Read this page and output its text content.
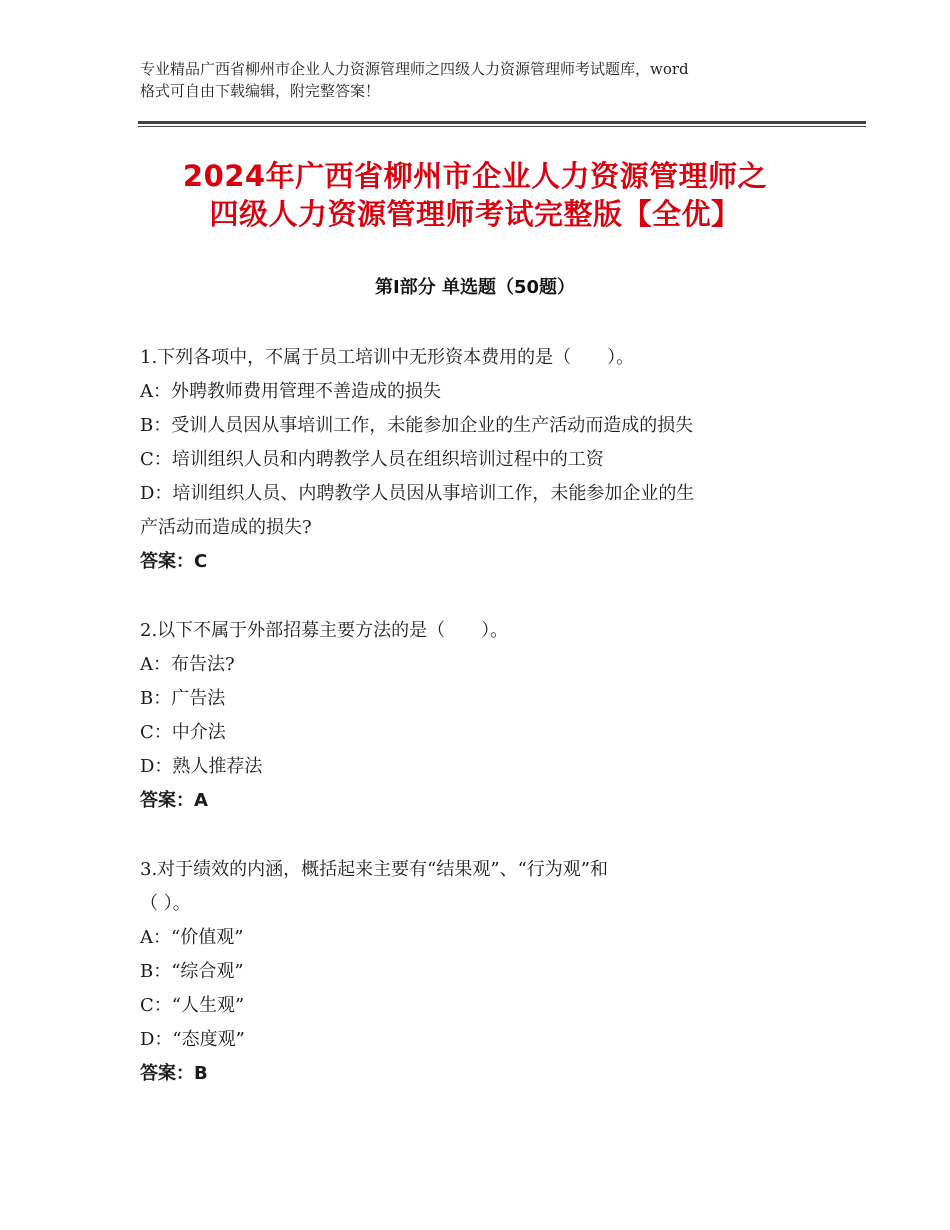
专业精品广西省柳州市企业人力资源管理师之四级人力资源管理师考试题库，word
格式可自由下载编辑，附完整答案！
2024年广西省柳州市企业人力资源管理师之
四级人力资源管理师考试完整版【全优】
第Ⅰ部分 单选题（50题）
1.下列各项中，不属于员工培训中无形资本费用的是（　　）。
A：外聘教师费用管理不善造成的损失
B：受训人员因从事培训工作，未能参加企业的生产活动而造成的损失
C：培训组织人员和内聘教学人员在组织培训过程中的工资
D：培训组织人员、内聘教学人员因从事培训工作，未能参加企业的生
产活动而造成的损失?
答案：C
2.以下不属于外部招募主要方法的是（　　）。
A：布告法?
B：广告法
C：中介法
D：熟人推荐法
答案：A
3.对于绩效的内涵，概括起来主要有“结果观”、“行为观”和
（ ）。
A：“价值观”
B：“综合观”
C：“人生观”
D：“态度观”
答案：B
